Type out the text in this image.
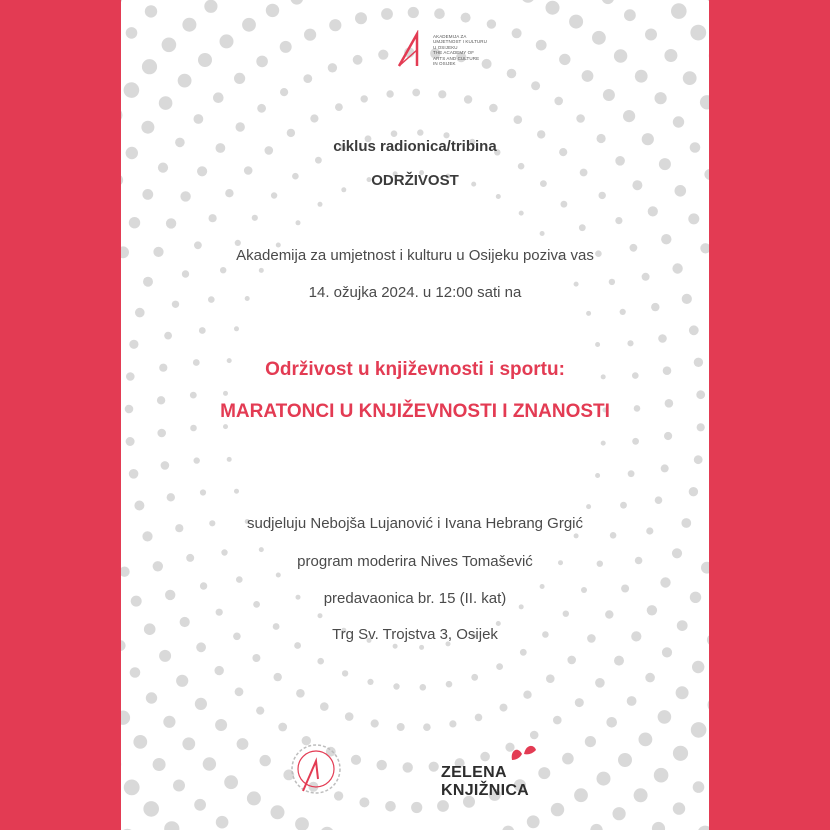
AKADEMIJA ZA
UMJETNOST I KULTURU
U OSIJEKU
THE ACADEMY OF
ARTS AND CULTURE
IN OSIJEK
ciklus radionica/tribina
ODRŽIVOST
Akademija za umjetnost i kulturu u Osijeku poziva vas
14. ožujka 2024. u 12:00 sati na
Održivost u književnosti i sportu:
MARATONCI U KNJIŽEVNOSTI I ZNANOSTI
sudjeluju Nebojša Lujanović i Ivana Hebrang Grgić
program moderira Nives Tomašević
predavaonica br. 15 (II. kat)
Trg Sv. Trojstva 3, Osijek
ZELENA
KNJIŽNICA
